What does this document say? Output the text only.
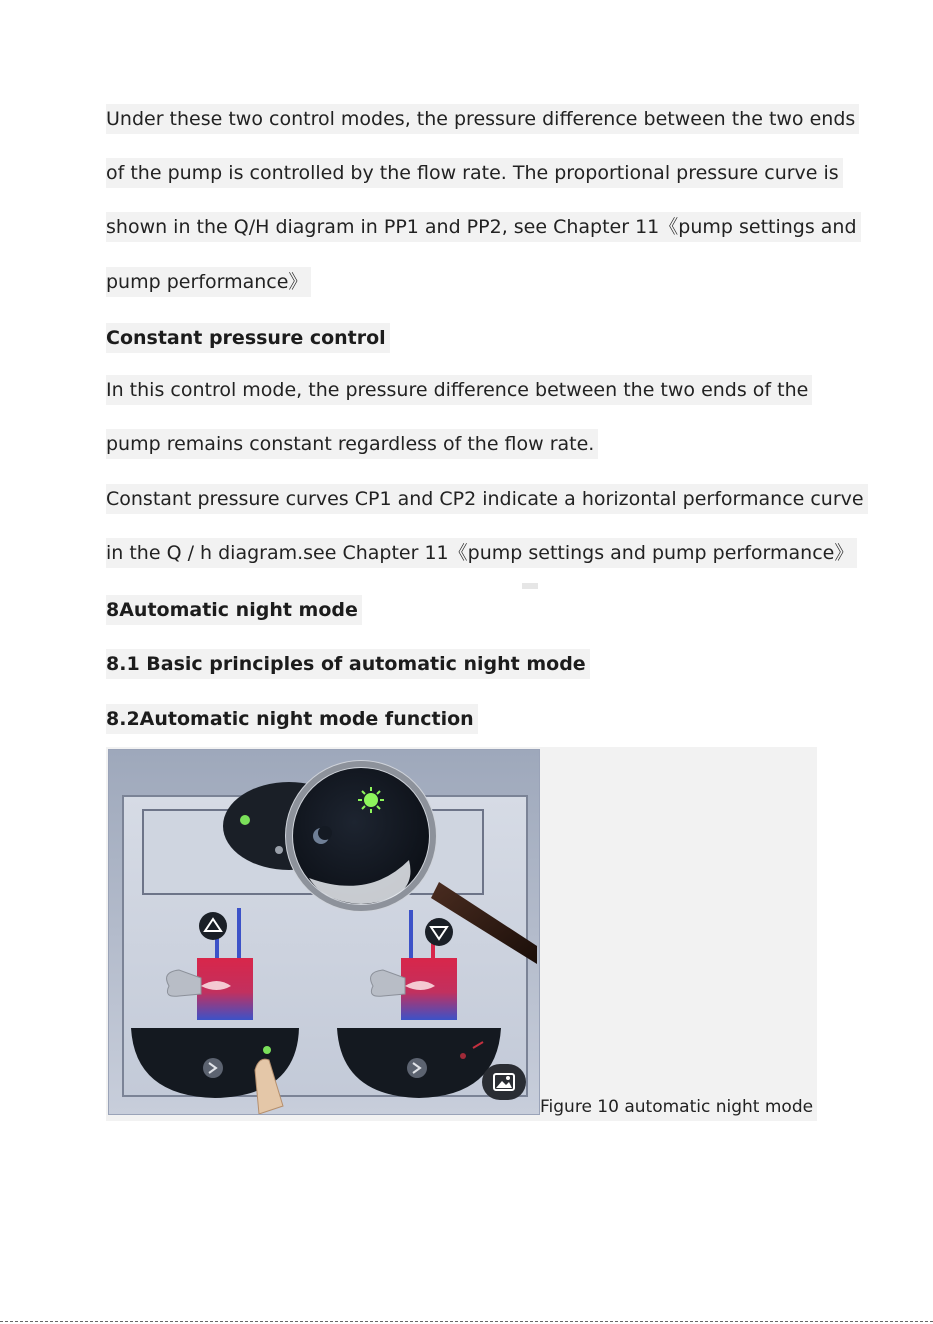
Under these two control modes, the pressure difference between the two ends
of the pump is controlled by the flow rate. The proportional pressure curve is
shown in the Q/H diagram in PP1 and PP2, see Chapter 11《pump settings and
pump performance》
Constant pressure control
In this control mode, the pressure difference between the two ends of the
pump remains constant regardless of the flow rate.
Constant pressure curves CP1 and CP2 indicate a horizontal performance curve
in the Q / h diagram.see Chapter 11《pump settings and pump performance》
8Automatic night mode
8.1 Basic principles of automatic night mode
8.2Automatic night mode function
Figure 10 automatic night mode
